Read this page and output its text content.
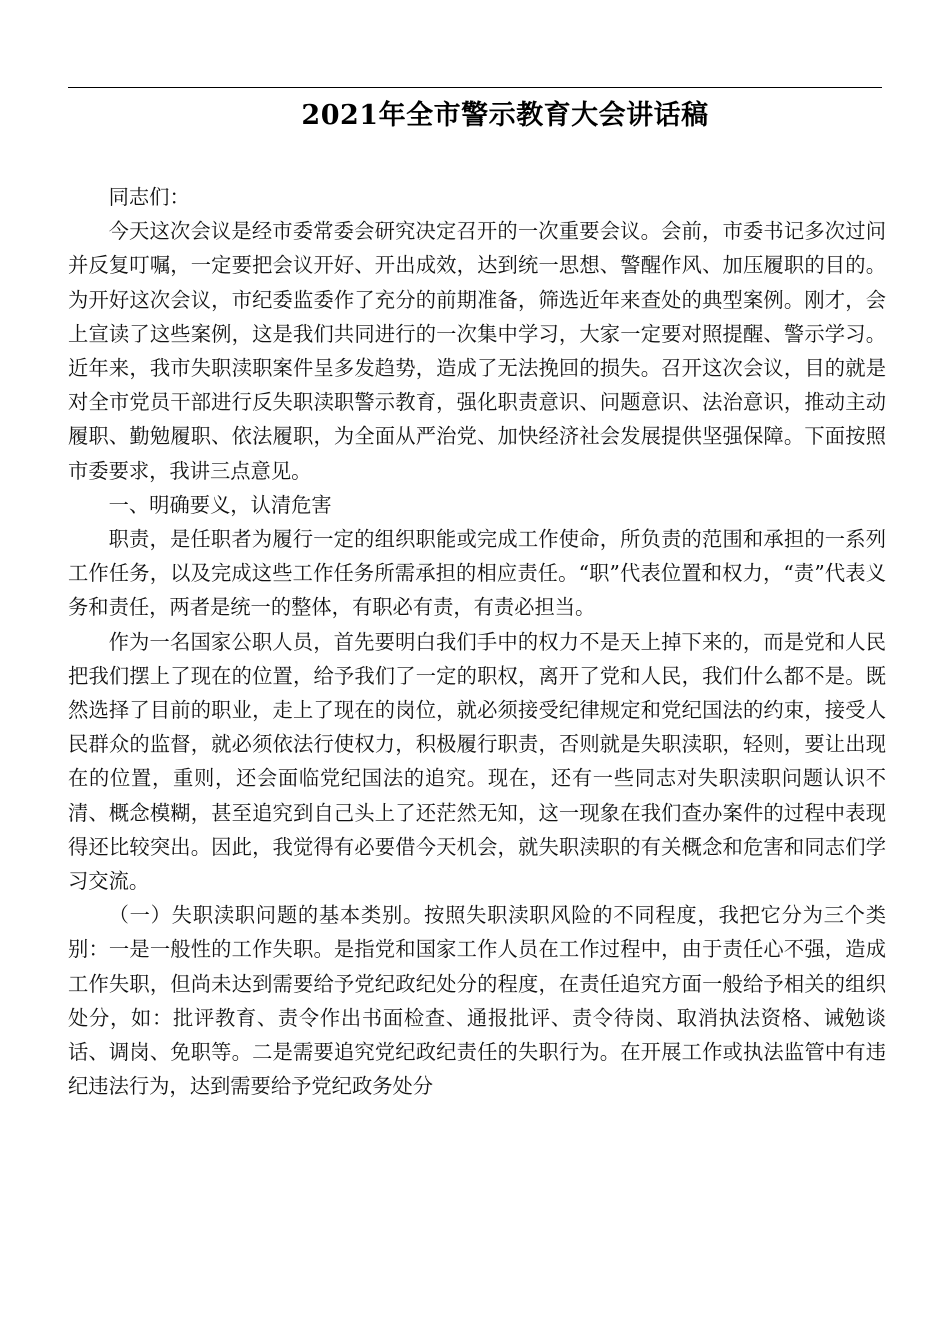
2021年全市警示教育大会讲话稿

同志们：

今天这次会议是经市委常委会研究决定召开的一次重要会议。会前，市委书记多次过问并反复叮嘱，一定要把会议开好、开出成效，达到统一思想、警醒作风、加压履职的目的。为开好这次会议，市纪委监委作了充分的前期准备，筛选近年来查处的典型案例。刚才，会上宣读了这些案例，这是我们共同进行的一次集中学习，大家一定要对照提醒、警示学习。近年来，我市失职渎职案件呈多发趋势，造成了无法挽回的损失。召开这次会议，目的就是对全市党员干部进行反失职渎职警示教育，强化职责意识、问题意识、法治意识，推动主动履职、勤勉履职、依法履职，为全面从严治党、加快经济社会发展提供坚强保障。下面按照市委要求，我讲三点意见。

一、明确要义，认清危害

职责，是任职者为履行一定的组织职能或完成工作使命，所负责的范围和承担的一系列工作任务，以及完成这些工作任务所需承担的相应责任。“职”代表位置和权力，“责”代表义务和责任，两者是统一的整体，有职必有责，有责必担当。

作为一名国家公职人员，首先要明白我们手中的权力不是天上掉下来的，而是党和人民把我们摆上了现在的位置，给予我们了一定的职权，离开了党和人民，我们什么都不是。既然选择了目前的职业，走上了现在的岗位，就必须接受纪律规定和党纪国法的约束，接受人民群众的监督，就必须依法行使权力，积极履行职责，否则就是失职渎职，轻则，要让出现在的位置，重则，还会面临党纪国法的追究。现在，还有一些同志对失职渎职问题认识不清、概念模糊，甚至追究到自己头上了还茫然无知，这一现象在我们查办案件的过程中表现得还比较突出。因此，我觉得有必要借今天机会，就失职渎职的有关概念和危害和同志们学习交流。

（一）失职渎职问题的基本类别。按照失职渎职风险的不同程度，我把它分为三个类别：一是一般性的工作失职。是指党和国家工作人员在工作过程中，由于责任心不强，造成工作失职，但尚未达到需要给予党纪政纪处分的程度，在责任追究方面一般给予相关的组织处分，如：批评教育、责令作出书面检查、通报批评、责令待岗、取消执法资格、诫勉谈话、调岗、免职等。二是需要追究党纪政纪责任的失职行为。在开展工作或执法监管中有违纪违法行为，达到需要给予党纪政务处分
